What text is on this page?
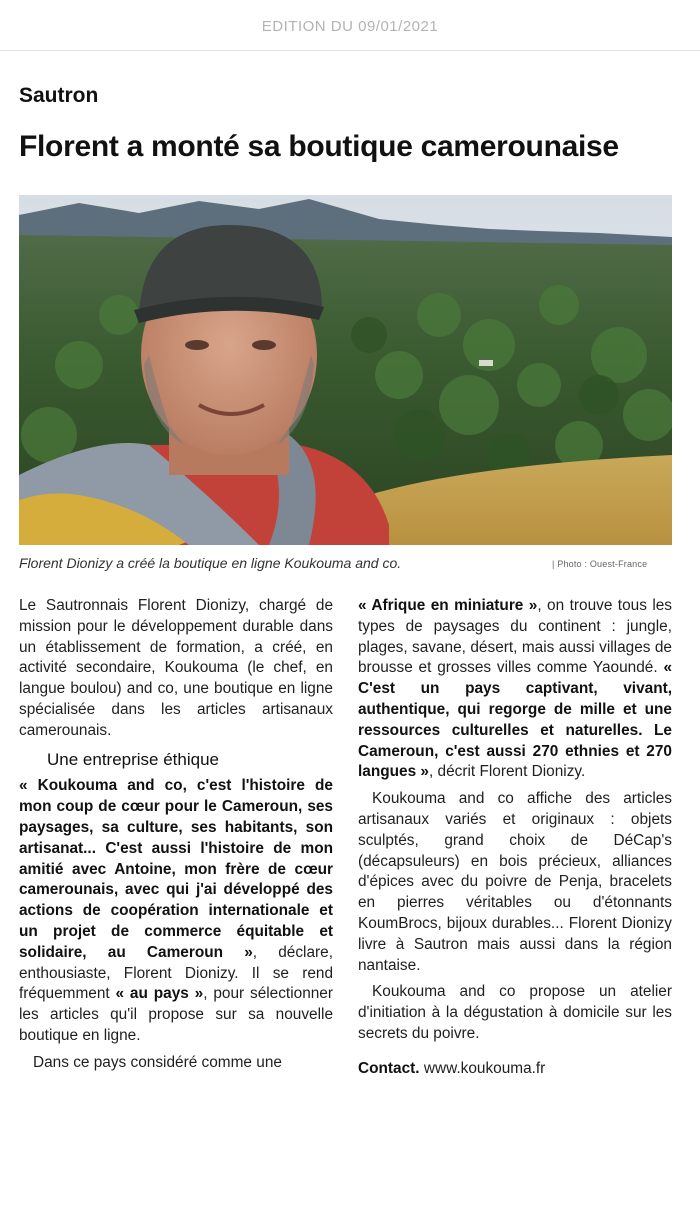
EDITION DU 09/01/2021
Sautron
Florent a monté sa boutique camerounaise
Florent Dionizy a créé la boutique en ligne Koukouma and co.	| Photo : Ouest-France

Le Sautronnais Florent Dionizy, chargé de mission pour le développement durable dans un établissement de formation, a créé, en activité secondaire, Koukouma (le chef, en langue boulou) and co, une boutique en ligne spécialisée dans les articles artisanaux camerounais.

Une entreprise éthique

« Koukouma and co, c'est l'histoire de mon coup de cœur pour le Cameroun, ses paysages, sa culture, ses habitants, son artisanat... C'est aussi l'histoire de mon amitié avec Antoine, mon frère de cœur camerounais, avec qui j'ai développé des actions de coopération internationale et un projet de commerce équitable et solidaire, au Cameroun », déclare, enthousiaste, Florent Dionizy. Il se rend fréquemment « au pays », pour sélectionner les articles qu'il propose sur sa nouvelle boutique en ligne.

Dans ce pays considéré comme une

« Afrique en miniature », on trouve tous les types de paysages du continent : jungle, plages, savane, désert, mais aussi villages de brousse et grosses villes comme Yaoundé. « C'est un pays captivant, vivant, authentique, qui regorge de mille et une ressources culturelles et naturelles. Le Cameroun, c'est aussi 270 ethnies et 270 langues », décrit Florent Dionizy.

Koukouma and co affiche des articles artisanaux variés et originaux : objets sculptés, grand choix de DéCap's (décapsuleurs) en bois précieux, alliances d'épices avec du poivre de Penja, bracelets en pierres véritables ou d'étonnants KoumBrocs, bijoux durables... Florent Dionizy livre à Sautron mais aussi dans la région nantaise.

Koukouma and co propose un atelier d'initiation à la dégustation à domicile sur les secrets du poivre.

Contact. www.koukouma.fr
